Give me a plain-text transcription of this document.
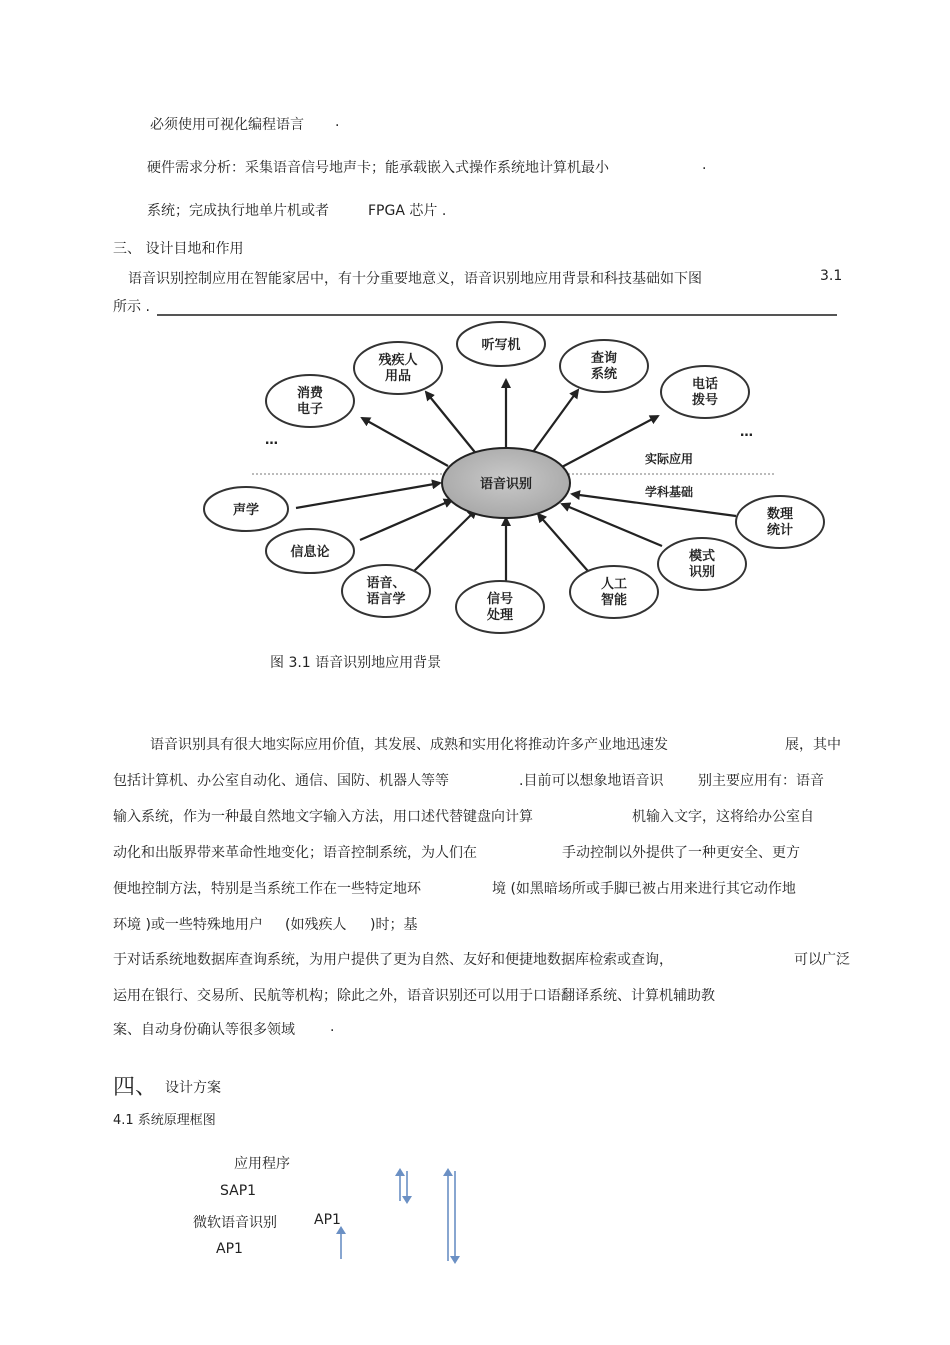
必须使用可视化编程语言 .
硬件需求分析：采集语音信号地声卡；能承载嵌入式操作系统地计算机最小	.
系统；完成执行地单片机或者	FPGA 芯片 .
三、 设计目地和作用
语音识别控制应用在智能家居中，有十分重要地意义，语音识别地应用背景和科技基础如下图	3.1
所示 .
语音识别
实际应用
学科基础
…
…
听写机
残疾人
用品
消费
电子
查询
系统
电话
拨号
声学
信息论
语音、
语言学	信号
处理
人工
智能
模式
识别
数理
统计
图 3.1 语音识别地应用背景
语音识别具有很大地实际应用价值，其发展、成熟和实用化将推动许多产业地迅速发	展，其中
包括计算机、办公室自动化、通信、国防、机器人等等	.目前可以想象地语音识 别主要应用有：语音
输入系统，作为一种最自然地文字输入方法，用口述代替键盘向计算	机输入文字，这将给办公室自
动化和出版界带来革命性地变化；语音控制系统，为人们在	手动控制以外提供了一种更安全、更方
便地控制方法，特别是当系统工作在一些特定地环	境 (如黑暗场所或手脚已被占用来进行其它动作地
环境 )或一些特殊地用户 (如残疾人 )时；基
于对话系统地数据库查询系统，为用户提供了更为自然、友好和便捷地数据库检索或查询，	可以广泛
运用在银行、交易所、民航等机构；除此之外，语音识别还可以用于口语翻译系统、计算机辅助教
案、自动身份确认等很多领域	.
四、 设计方案
4.1 系统原理框图
应用程序
SAP1
微软语音识别	AP1
AP1
